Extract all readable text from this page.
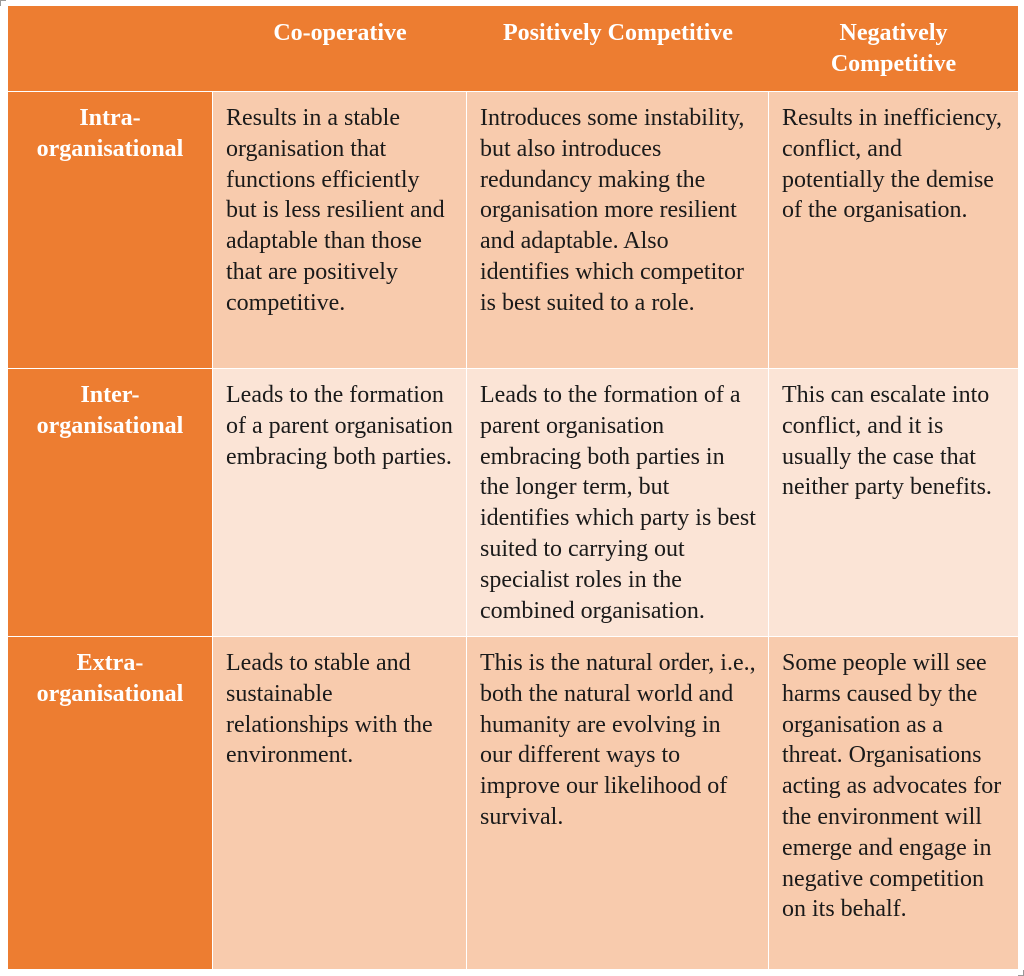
Co-operative	Positively Competitive	Negatively Competitive
Intra-organisational
Results in a stable organisation that functions efficiently but is less resilient and adaptable than those that are positively competitive.
Introduces some instability, but also introduces redundancy making the organisation more resilient and adaptable. Also identifies which competitor is best suited to a role.
Results in inefficiency, conflict, and potentially the demise of the organisation.
Inter-organisational
Leads to the formation of a parent organisation embracing both parties.
Leads to the formation of a parent organisation embracing both parties in the longer term, but identifies which party is best suited to carrying out specialist roles in the combined organisation.
This can escalate into conflict, and it is usually the case that neither party benefits.
Extra-organisational
Leads to stable and sustainable relationships with the environment.
This is the natural order, i.e., both the natural world and humanity are evolving in our different ways to improve our likelihood of survival.
Some people will see harms caused by the organisation as a threat. Organisations acting as advocates for the environment will emerge and engage in negative competition on its behalf.
